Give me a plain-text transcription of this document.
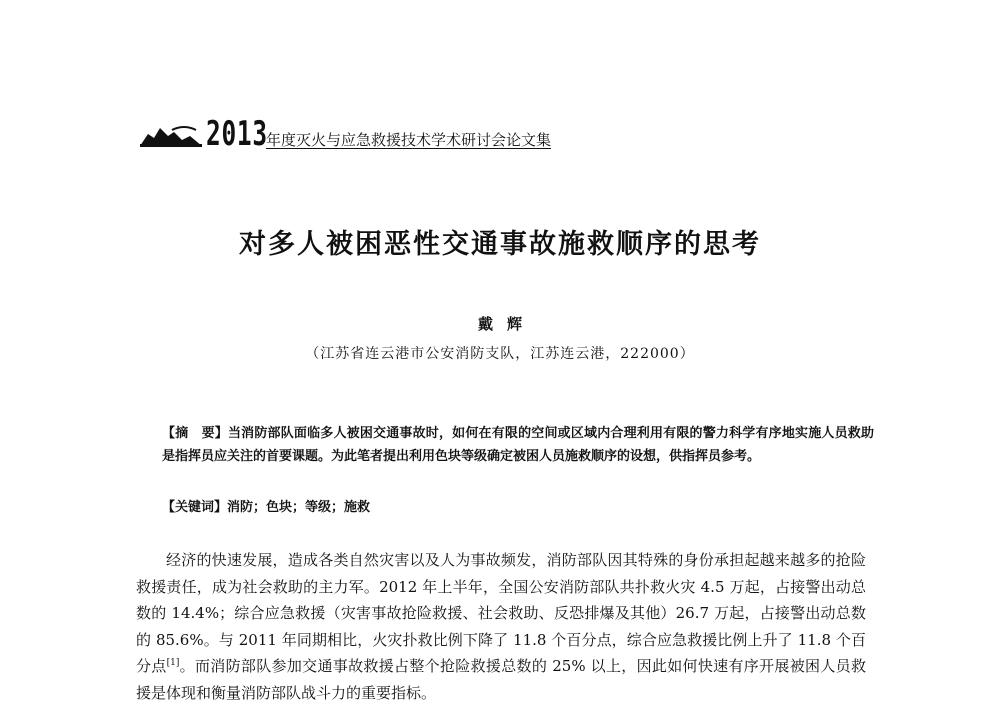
2013
年度灭火与应急救援技术学术研讨会论文集
对多人被困恶性交通事故施救顺序的思考
戴辉
（江苏省连云港市公安消防支队，江苏连云港，222000）
【摘　要】当消防部队面临多人被困交通事故时，如何在有限的空间或区域内合理利用有限的警力科学有序地实施人员救助是指挥员应关注的首要课题。为此笔者提出利用色块等级确定被困人员施救顺序的设想，供指挥员参考。
【关键词】消防；色块；等级；施救
经济的快速发展，造成各类自然灾害以及人为事故频发，消防部队因其特殊的身份承担起越来越多的抢险救援责任，成为社会救助的主力军。2012 年上半年，全国公安消防部队共扑救火灾 4.5 万起，占接警出动总数的 14.4%；综合应急救援（灾害事故抢险救援、社会救助、反恐排爆及其他）26.7 万起，占接警出动总数的 85.6%。与 2011 年同期相比，火灾扑救比例下降了 11.8 个百分点，综合应急救援比例上升了 11.8 个百分点[1]。而消防部队参加交通事故救援占整个抢险救援总数的 25% 以上，因此如何快速有序开展被困人员救援是体现和衡量消防部队战斗力的重要指标。
